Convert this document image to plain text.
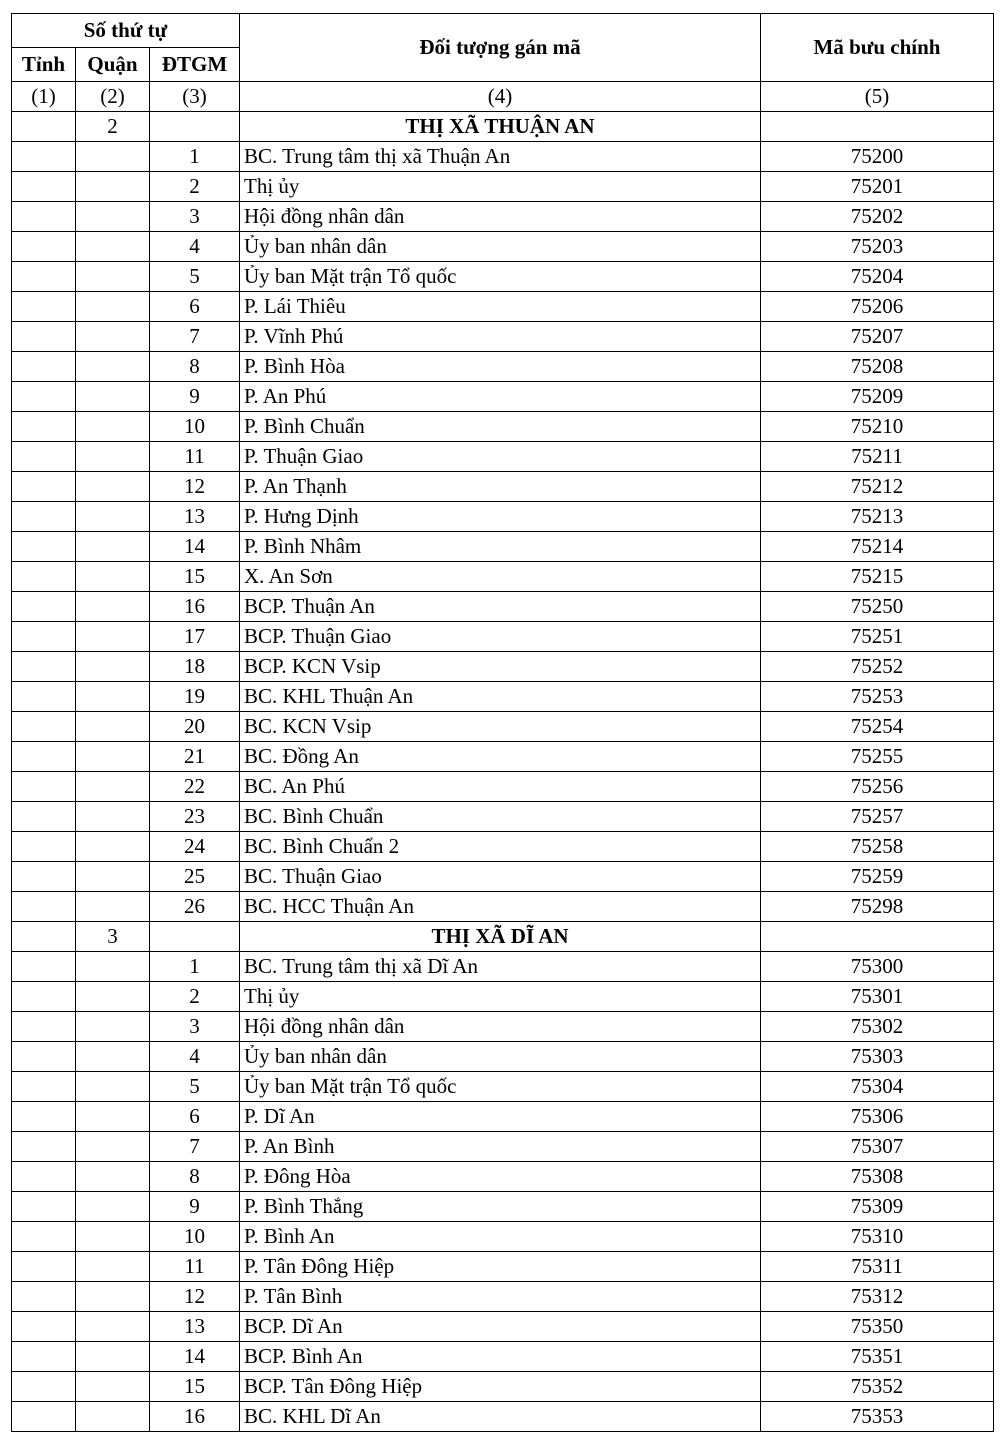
Số thứ tự			Đối tượng gán mã	Mã bưu chính
Tỉnh	Quận	ĐTGM		
(1)	(2)	(3)	(4)	(5)
	2		THỊ XÃ THUẬN AN	
		1	BC. Trung tâm thị xã Thuận An	75200
		2	Thị ủy	75201
		3	Hội đồng nhân dân	75202
		4	Ủy ban nhân dân	75203
		5	Ủy ban Mặt trận Tổ quốc	75204
		6	P. Lái Thiêu	75206
		7	P. Vĩnh Phú	75207
		8	P. Bình Hòa	75208
		9	P. An Phú	75209
		10	P. Bình Chuẩn	75210
		11	P. Thuận Giao	75211
		12	P. An Thạnh	75212
		13	P. Hưng Dịnh	75213
		14	P. Bình Nhâm	75214
		15	X. An Sơn	75215
		16	BCP. Thuận An	75250
		17	BCP. Thuận Giao	75251
		18	BCP. KCN Vsip	75252
		19	BC. KHL Thuận An	75253
		20	BC. KCN Vsip	75254
		21	BC. Đồng An	75255
		22	BC. An Phú	75256
		23	BC. Bình Chuẩn	75257
		24	BC. Bình Chuẩn 2	75258
		25	BC. Thuận Giao	75259
		26	BC. HCC Thuận An	75298
	3		THỊ XÃ DĨ AN	
		1	BC. Trung tâm thị xã Dĩ An	75300
		2	Thị ủy	75301
		3	Hội đồng nhân dân	75302
		4	Ủy ban nhân dân	75303
		5	Ủy ban Mặt trận Tổ quốc	75304
		6	P. Dĩ An	75306
		7	P. An Bình	75307
		8	P. Đông Hòa	75308
		9	P. Bình Thắng	75309
		10	P. Bình An	75310
		11	P. Tân Đông Hiệp	75311
		12	P. Tân Bình	75312
		13	BCP. Dĩ An	75350
		14	BCP. Bình An	75351
		15	BCP. Tân Đông Hiệp	75352
		16	BC. KHL Dĩ An	75353
